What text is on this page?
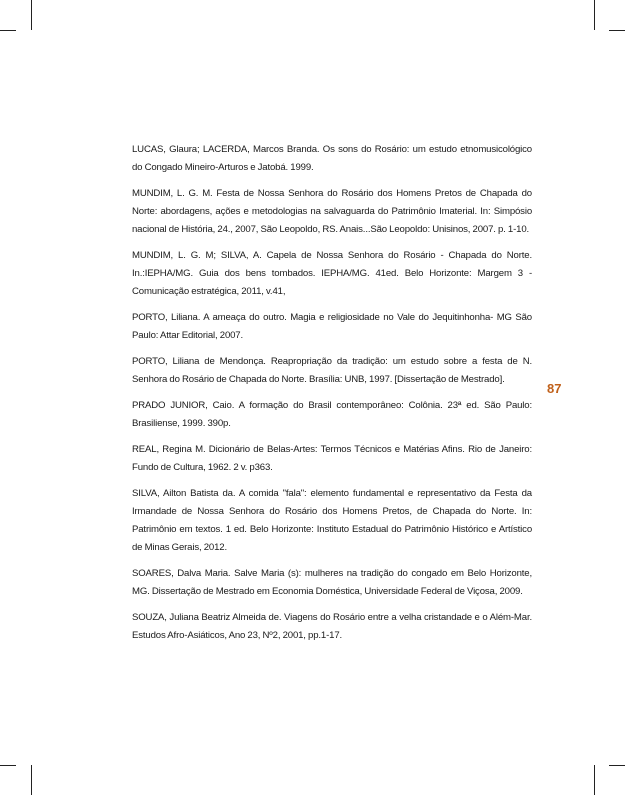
LUCAS, Glaura; LACERDA, Marcos Branda. Os sons do Rosário: um estudo etnomusicológico do Congado Mineiro-Arturos e Jatobá. 1999.
MUNDIM, L. G. M. Festa de Nossa Senhora do Rosário dos Homens Pretos de Chapada do Norte: abordagens, ações e metodologias na salvaguarda do Patrimônio Imaterial. In: Simpósio nacional de História, 24., 2007, São Leopoldo, RS. Anais...São Leopoldo: Unisinos, 2007. p. 1-10.
MUNDIM, L. G. M; SILVA, A. Capela de Nossa Senhora do Rosário - Chapada do Norte. In.:IEPHA/MG. Guia dos bens tombados. IEPHA/MG. 41ed. Belo Horizonte: Margem 3 - Comunicação estratégica, 2011, v.41,
PORTO, Liliana. A ameaça do outro. Magia e religiosidade no Vale do Jequitinhonha- MG São Paulo: Attar Editorial, 2007.
PORTO, Liliana de Mendonça. Reapropriação da tradição: um estudo sobre a festa de N. Senhora do Rosário de Chapada do Norte. Brasília: UNB, 1997. [Dissertação de Mestrado].
PRADO JUNIOR, Caio. A formação do Brasil contemporâneo: Colônia. 23ª ed. São Paulo: Brasiliense, 1999. 390p.
REAL, Regina M. Dicionário de Belas-Artes: Termos Técnicos e Matérias Afins. Rio de Janeiro: Fundo de Cultura, 1962. 2 v. p363.
SILVA, Ailton Batista da. A comida "fala": elemento fundamental e representativo da Festa da Irmandade de Nossa Senhora do Rosário dos Homens Pretos, de Chapada do Norte. In: Patrimônio em textos. 1 ed. Belo Horizonte: Instituto Estadual do Patrimônio Histórico e Artístico de Minas Gerais, 2012.
SOARES, Dalva Maria. Salve Maria (s): mulheres na tradição do congado em Belo Horizonte, MG. Dissertação de Mestrado em Economia Doméstica, Universidade Federal de Viçosa, 2009.
SOUZA, Juliana Beatriz Almeida de. Viagens do Rosário entre a velha cristandade e o Além-Mar. Estudos Afro-Asiáticos, Ano 23, Nº2, 2001, pp.1-17.
87
